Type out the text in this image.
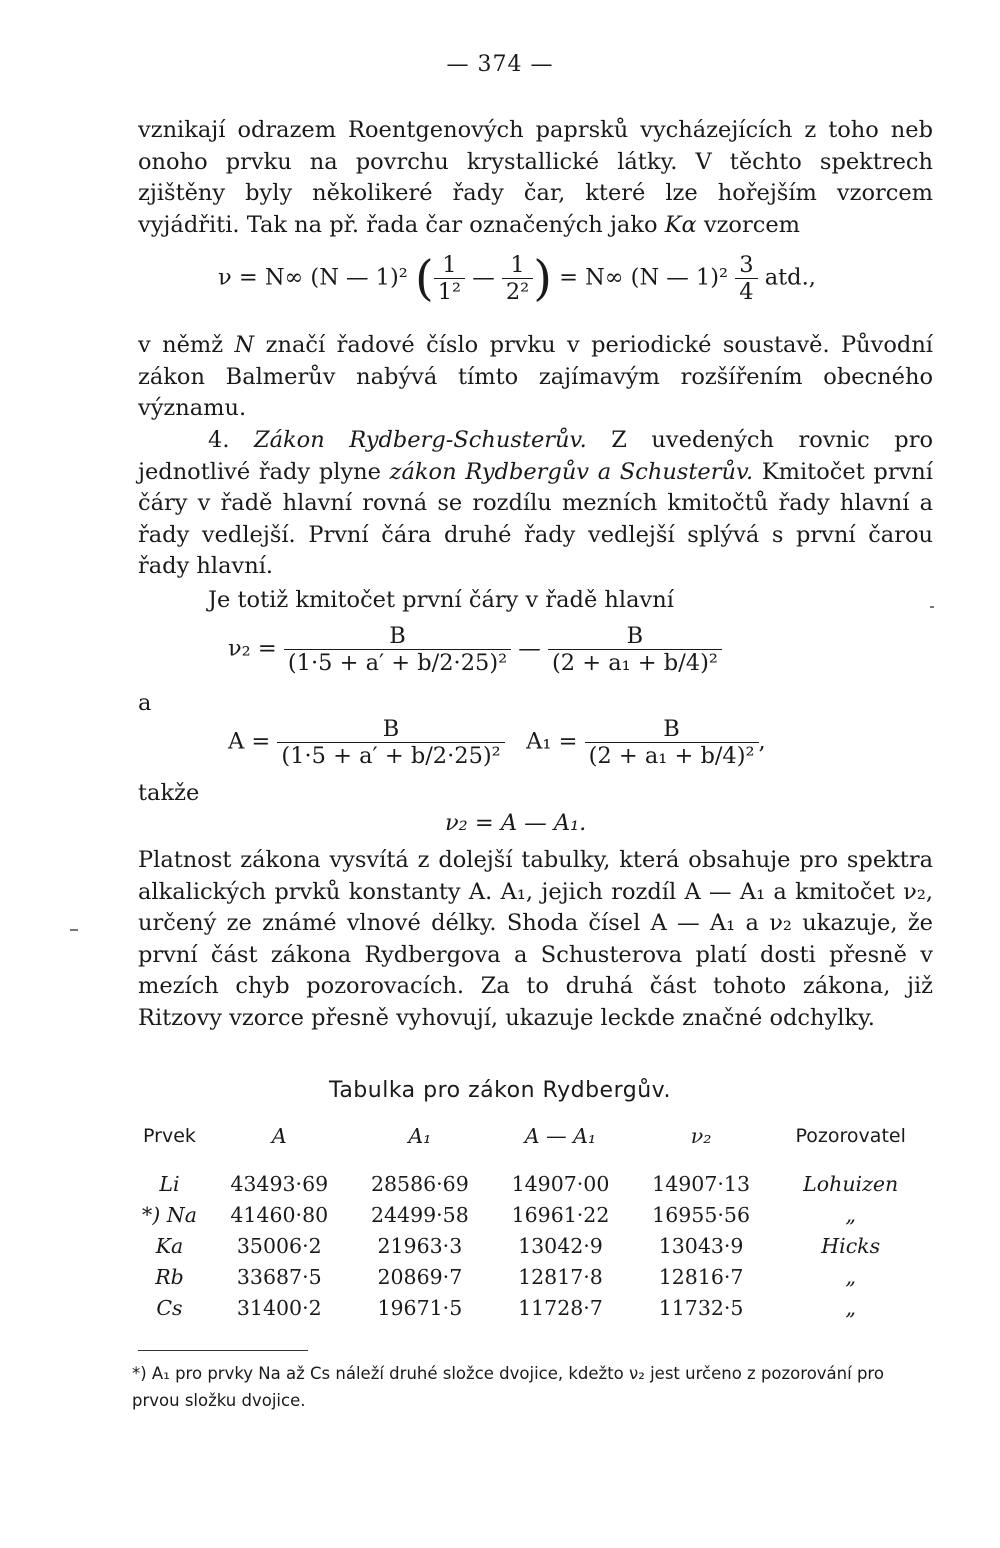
— 374 —

vznikají odrazem Roentgenových paprsků vycházejících z toho neb onoho prvku na povrchu krystallické látky. V těchto spektrech zjištěny byly několikeré řady čar, které lze hořejším vzorcem vyjádřiti. Tak na př. řada čar označených jako Kα vzorcem

ν = N∞ (N — 1)² ( $\frac{1}{\text{1²}}$ — $\frac{1}{\text{2²}}$ ) = N∞ (N — $1)^2 \frac{3}{4}$ atd.,

v němž N značí řadové číslo prvku v periodické soustavě. Původní zákon Balmerův nabývá tímto zajímavým rozšířením obecného významu.

4. Zákon Rydberg-Schusterův. Z uvedených rovnic pro jednotlivé řady plyne zákon Rydbergův a Schusterův. Kmitočet první čáry v řadě hlavní rovná se rozdílu mezních kmitočtů řady hlavní a řady vedlejší. První čára druhé řady vedlejší splývá s první čarou řady hlavní.

Je totiž kmitočet první čáry v řadě hlavní

$\nu_2 = \frac{B}{\text{(1·5 + a′ + b/2·25)²}}$ — $\frac{B}{\text{(2 + a₁ + b/4)²}}$
a
$A = \frac{B}{\text{(1·5 + a′ + b/2·25)²}} A_1 = \frac{B}{\text{(2 + a₁ + b/4)²}}$ ,
takže
ν₂ = A — A₁.

Platnost zákona vysvítá z dolejší tabulky, která obsahuje pro spektra alkalických prvků konstanty A. A₁, jejich rozdíl A — A₁ a kmitočet ν₂, určený ze známé vlnové délky. Shoda čísel A — A₁ a ν₂ ukazuje, že první část zákona Rydbergova a Schusterova platí dosti přesně v mezích chyb pozorovacích. Za to druhá část tohoto zákona, již Ritzovy vzorce přesně vyhovují, ukazuje leckde značné odchylky.

Tabulka pro zákon Rydbergův.
Prvek	A	A₁	A — A₁	ν₂	Pozorovatel
Li	43493·69	28586·69	14907·00	14907·13	Lohuizen
*) Na	41460·80	24499·58	16961·22	16955·56	„
Ka	35006·2	21963·3	13042·9	13043·9	Hicks
Rb	33687·5	20869·7	12817·8	12816·7	„
Cs	31400·2	19671·5	11728·7	11732·5	„
*) A₁ pro prvky Na až Cs náleží druhé složce dvojice, kdežto ν₂ jest určeno z pozorování pro prvou složku dvojice.
